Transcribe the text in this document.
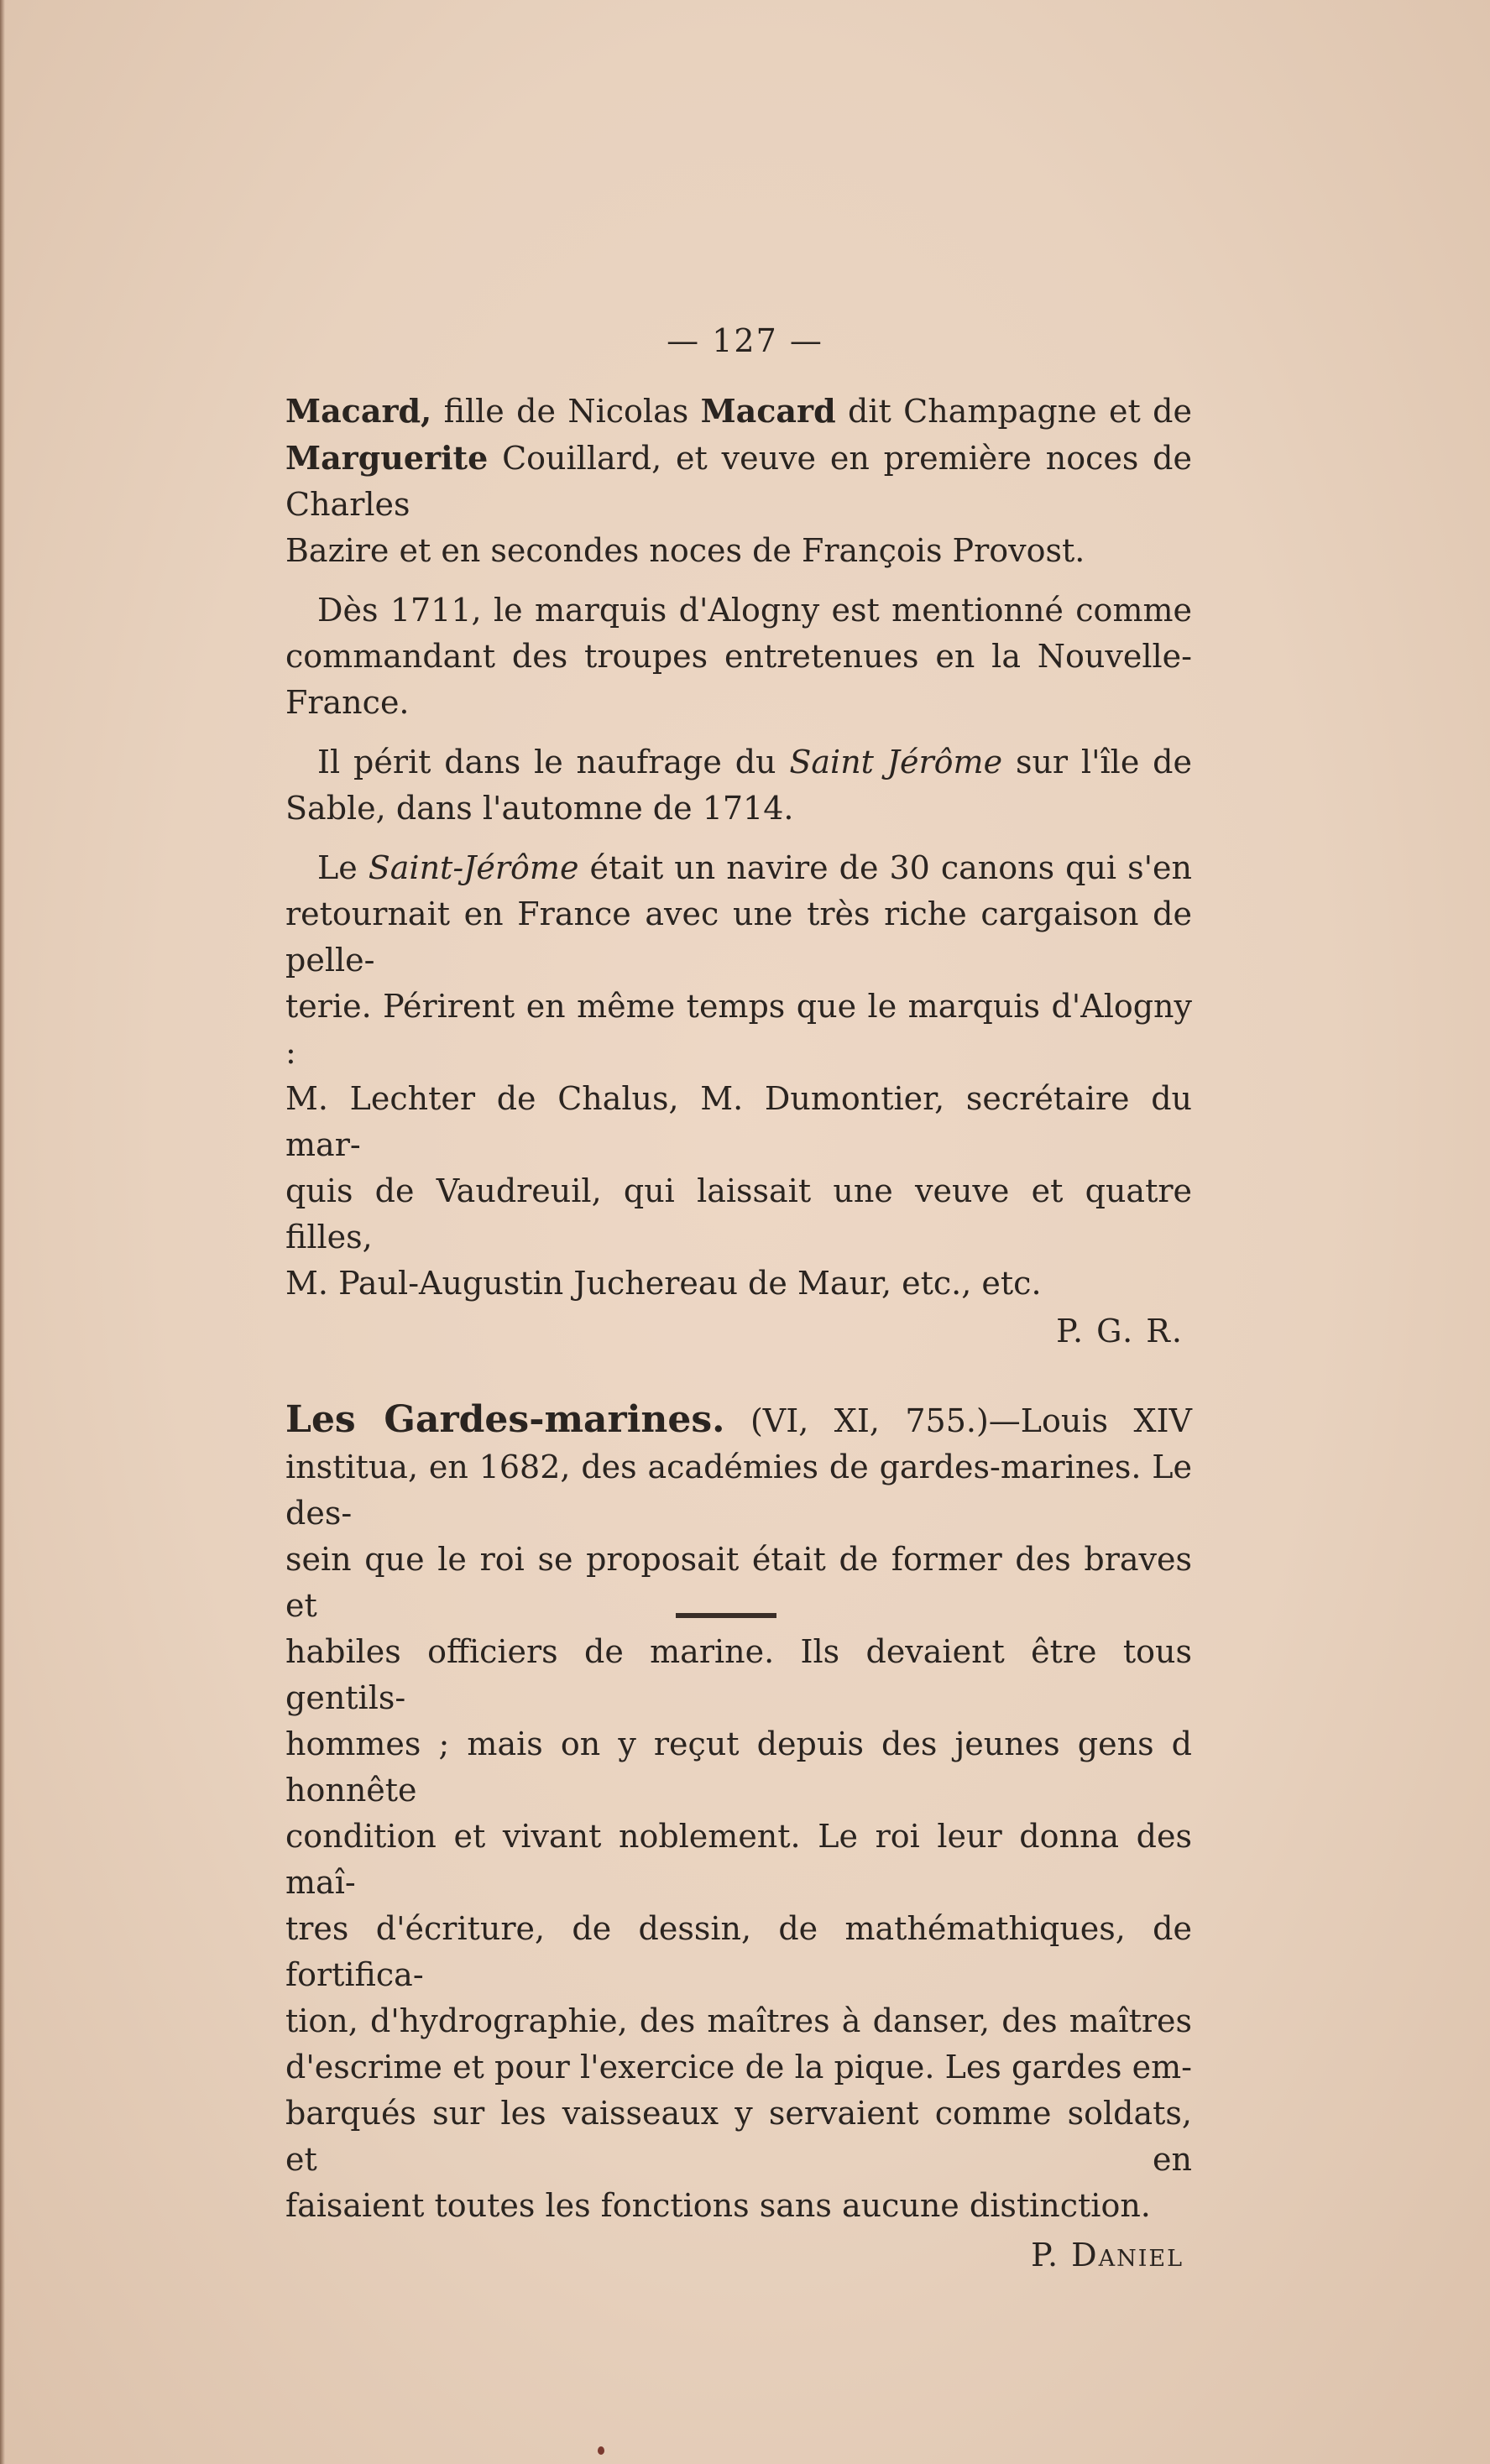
— 127 —
Macard, fille de Nicolas Macard dit Champagne et de
Marguerite Couillard, et veuve en première noces de Charles
Bazire et en secondes noces de François Provost.
Dès 1711, le marquis d'Alogny est mentionné comme
commandant des troupes entretenues en la Nouvelle-
France.
Il périt dans le naufrage du Saint Jérôme sur l'île de
Sable, dans l'automne de 1714.
Le Saint-Jérôme était un navire de 30 canons qui s'en
retournait en France avec une très riche cargaison de pelle-
terie. Périrent en même temps que le marquis d'Alogny :
M. Lechter de Chalus, M. Dumontier, secrétaire du mar-
quis de Vaudreuil, qui laissait une veuve et quatre filles,
M. Paul-Augustin Juchereau de Maur, etc., etc.
P. G. R.
Les Gardes-marines. (VI, XI, 755.)—Louis XIV
institua, en 1682, des académies de gardes-marines. Le des-
sein que le roi se proposait était de former des braves et
habiles officiers de marine. Ils devaient être tous gentils-
hommes ; mais on y reçut depuis des jeunes gens d honnête
condition et vivant noblement. Le roi leur donna des maî-
tres d'écriture, de dessin, de mathémathiques, de fortifica-
tion, d'hydrographie, des maîtres à danser, des maîtres
d'escrime et pour l'exercice de la pique. Les gardes em-
barqués sur les vaisseaux y servaient comme soldats, et en
faisaient toutes les fonctions sans aucune distinction.
P. Daniel
